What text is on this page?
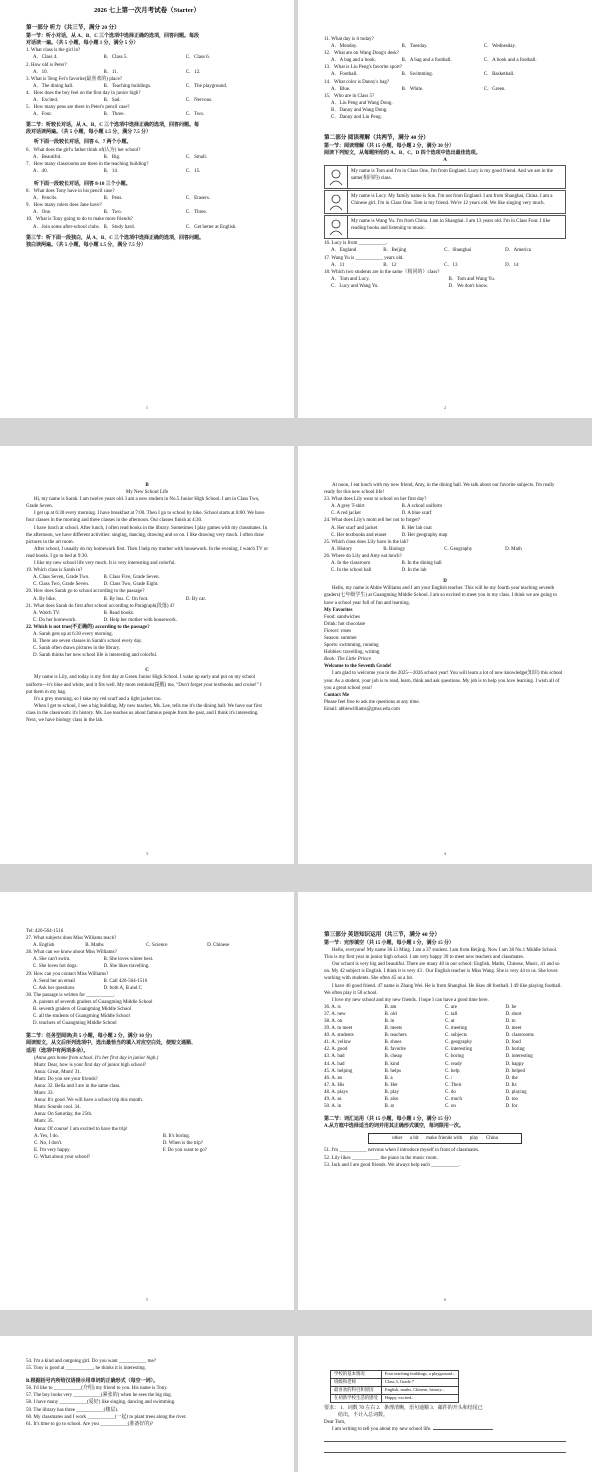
2026 七上第一次月考试卷（Starter）
第一部分 听力（共三节，满分 20 分）
第一节：听小对话，从 A、B、C 三个选项中选择正确的选项，回答问题。每段
对话读一遍。（共 5 小题，每小题 1 分，满分 5 分）
1. What class is the girl in?
A．Class 4.	B．Class 5.	C．Class 6.
2. How old is Peter?
A．10.	B．11.	C．12.
3. What is Teng Fei's favorite(最喜欢的) place?
A．The dining hall.	B．Teaching buildings.	C．The playground.
4．How does the boy feel on the first day in junior high?
A．Excited.	B．Sad.	C．Nervous.
5．How many pens are there in Peter's pencil case?
A．Four.	B．Three.	C．Two.
第二节：听较长对话，从 A、B、C 三个选项中选择正确的选项，回答问题。每
段对话读两遍。（共 5 小题，每小题 1.5 分，满分 7.5 分）
听下面一段较长对话，回答 6、7 两个小题。
6．What does the girl's father think of(认为) her school?
A．Beautiful.	B．Big.	C．Small.
7．How many classrooms are there in the teaching building?
A．40.	B．14.	C．15.
听下面一段较长对话，回答 8-10 三个小题。
8．What does Tony have in his pencil case?
A．Pencils.	B．Pens.	C．Erasers.
9．How many rulers does Jane have?
A．One.	B．Two.	C．Three.
10．What is Tony going to do to make more friends?
A．Join some after-school clubs. B．Study hard.	C．Get better at English.
第三节：听下面一段独白，从 A、B、C 三个选项中选择正确的选项，回答问题。
独白读两遍。（共 5 小题，每小题 1.5 分，满分 7.5 分）
1
11. What day is it today?
A．Monday.	B．Tuesday.	C．Wednesday.
12．What are on Wang Dong's desk?
A．A bag and a book.	B．A bag and a football.	C．A book and a football.
13．What is Liu Peng's favorite sport?
A．Football.	B．Swimming.	C．Basketball.
14．What color is Danny's bag?
A．Blue.	B．White.	C．Green.
15．Who are in Class 5?
A．Liu Peng and Wang Dong.
B．Danny and Wang Dong.
C．Danny and Liu Peng.
第二部分 阅读理解（共两节，满分 40 分）
第一节：阅读理解（共 15 小题，每小题 2 分，满分 30 分）
阅读下列短文，从每题所给的 A、B、C、D 四个选项中选出最佳选项。
A
My name is Tom and I'm in Class One. I'm from England. Lucy is my good friend. And we are in the same(相同的) class.
My name is Lucy. My family name is Sun. I'm not from England. I am from Shanghai, China. I am a Chinese girl. I'm in Class One. Tom is my friend. We're 12 years old. We like singing very much.
My name is Wang Yu. I'm from China. I am in Shanghai. I am 13 years old. I'm in Class Four. I like reading books and listening to music.
16. Lucy is from ___________.
A．England	B．Beijing	C．Shanghai	D．America
17. Wang Yu is ___________ years old.
A．11	B．12	C．13	D．14
18. Which two students are in the same（相同的）class?
A．Tom and Lucy.	B．Tom and Wang Yu.
C．Lucy and Wang Yu.	D．We don't know.
2
B
My New School Life
Hi, my name is Sarah. I am twelve years old. I am a new student in No.5 Junior High School. I am in Class Two, Grade Seven.
I get up at 6:30 every morning. I have breakfast at 7:00. Then I go to school by bike. School starts at 8:00. We have four classes in the morning and three classes in the afternoon. Our classes finish at 4:30.
I have lunch at school. After lunch, I often read books in the library. Sometimes I play games with my classmates. In the afternoon, we have different activities: singing, dancing, drawing and so on. I like drawing very much. I often draw pictures in the art room.
After school, I usually do my homework first. Then I help my mother with housework. In the evening, I watch TV or read books. I go to bed at 9:30.
I like my new school life very much. It is very interesting and colorful.
19. Which class is Sarah in?
A. Class Seven, Grade Two.	B. Class Five, Grade Seven.
C. Class Two, Grade Seven.	D. Class Two, Grade Eight.
20. How does Sarah go to school according to the passage?
A. By bike.	B. By bus. C. On foot.	D. By car.
21. What does Sarah do first after school according to Paragraph(段落) 4?
A. Watch TV.	B. Read books.
C. Do her homework.	D. Help her mother with housework.
22. Which is not true(不正确的) according to the passage?
A. Sarah gets up at 6:30 every morning.
B. There are seven classes in Sarah's school every day.
C. Sarah often draws pictures in the library.
D. Sarah thinks her new school life is interesting and colorful.
C
My name is Lily, and today is my first day at Green Junior High School. I wake up early and put on my school uniform—it's blue and white, and it fits well. My mom reminds(提醒) me, "Don't forget your textbooks and cruise!" I put them in my bag.
It's a grey morning, so I take my red scarf and a light jacket too.
When I get to school, I see a big building. My new teacher, Ms. Lee, tells me it's the dining hall. We have our first class in the classroom: it's history. Ms. Lee teaches us about famous people from the past, and I think it's interesting. Next, we have biology class in the lab.
3
At noon, I eat lunch with my new friend, Amy, in the dining hall. We talk about our favorite subjects. I'm really ready for this new school life!
23. What does Lily wear to school on her first day?
A. A grey T-shirt	B. A school uniform
C. A red jacket	D. A blue scarf
24. What does Lily's mom tell her not to forget?
A. Her scarf and jacket	B. Her lab coat
C. Her textbooks and eraser	D. Her geography map
25. Which class does Lily have in the lab?
A. History	B. Biology	C. Geography	D. Math
26. Where do Lily and Amy eat lunch?
A. In the classroom	B. In the dining hall
C. In the school hall	D. In the lab
D
Hello, my name is Abbie Williams and I am your English teacher. This will be my fourth year teaching seventh graders(七年级学生) at Guangming Middle School. I am so excited to meet you in my class. I think we are going to have a school year full of fun and learning.
My Favorites
Food: sandwiches
Drink: hot chocolate
Flower: roses
Season: summer
Sports: swimming, running
Hobbies: travelling, writing
Book: The Little Prince
Welcome to the Seventh Grade!
I am glad to welcome you to the 2025—2026 school year! You will learn a lot of new knowledge(知识) this school year. As a student, your job is to read, learn, think and ask questions. My job is to help you love learning. I wish all of you a great school year!
Contact Me
Please feel free to ask me questions at any time.
Email: abbiewilliams@gmss.edu.com
4
Tel: 420-564-1516
27. What subjects does Miss Williams teach?
A. English	B. Maths	C. Science	D. Chinese
28. What can we know about Miss Williams?
A. She can't swim.	B. She loves winter best.
C. She loves hot dogs.	D. She likes travelling.
29. How can you contact Miss Williams?
A. Send her an email	B. Call 420-564-1516
C. Ask her questions	D. both A, B and C
30. The passage is written for ___________.
A. parents of seventh graders of Guangming Middle School
B. seventh graders of Guangming Middle School
C. all the students of Guangming Middle School
D. teachers of Guangming Middle School
第二节：任务型阅读(共 5 小题，每小题 2 分，满分 10 分)
阅读短文，从文后所列选项中，选出最恰当的填入对应空白处，使短文通顺、
适用（选项中有两项多余）。
(Anna gets home from school. It's her first day in junior high.)
Mum: Dear, how is your first day of junior high school?
Anna: Great, Mum! 31.
Mum: Do you see your friends?
Anna: 32. Bella and I are in the same class.
Mum: 33.
Anna: It's good. We will have a school trip this month.
Mum: Sounds cool. 34.
Anna: On Saturday, the 25th.
Mum: 35.
Anna: Of course! I am excited to have the trip!
A. Yes, I do.	B. It's boring.
C. No, I don't.	D. When is the trip?
E. I'm very happy.	F. Do you want to go?
G. What about your school?
5
第三部分 英语知识运用（共三节，满分 40 分）
第一节：完形填空（共 15 小题，每小题 1 分，满分 15 分）
Hello, everyone! My name 36 Li Ming. I am a 37 student. I am from Beijing. Now I am 38 No.1 Middle School. This is my first year in junior high school. I am very happy 39 to meet new teachers and classmates.
Our school is very big and beautiful. There are many 40 in our school: English, Maths, Chinese, Music, 41 and so on. My 42 subject is English. I think it is very 43 . Our English teacher is Miss Wang. She is very 44 to us. She loves working with students. She often 45 us a lot.
I have 46 good friend. 47 name is Zhang Wei. He is from Shanghai. He likes 48 football. I 49 like playing football. We often play it 50 school.
I love my new school and my new friends. I hope I can have a good time here.
36. A. is	B. am	C. are	D. be
37. A. new	B. old	C. tall	D. short
38. A. on	B. in	C. at	D. to
39. A. to meet	B. meets	C. meeting	D. meet
40. A. students	B. teachers	C. subjects	D. classrooms
41. A. yellow	B. shoes	C. geography	D. food
42. A. good	B. favorite	C. interesting	D. boring
43. A. bad	B. cheap	C. boring	D. interesting
44. A. bad	B. kind	C. ready	D. happy
45. A. helping	B. helps	C. help	D. helped
46. A. an	B. a	C. /	D. the
47. A. His	B. Her	C. Their	D. Its
48. A. plays	B. play	C. do	D. playing
49. A. as	B. also	C. much	D. too
50. A. in	B. at	C. on	D. for
第二节：词汇运用（共 15 小题，每小题 1 分，满分 15 分）
A.从方框中选择适当的词并用其正确形式填空，每词限用一次。
other      a bit      make friends with      play      China
51. I'm ___________ nervous when I introduce myself in front of classmates.
52. Lily likes ___________ the piano in the music room.
53. Jack and I are good friends. We always help each ___________.
6
54. I'm a kind and outgoing girl. Do you want ___________ me?
55. Tony is good at ___________, he thinks it is interesting.
B.根据括号内所给汉语提示用单词的正确形式（每空一词）。
56. I'd like to ___________(介绍) my friend to you. His name is Tony.
57. The boy looks very ___________(紧张的) when he sees the big dog.
58. I have many ___________(爱好) like singing, dancing and swimming.
59. The library has three ___________(楼层).
60. My classmates and I work ___________(一起) to plant trees along the river.
61. It's time to go to school. Are you ___________(准备好的)?
学校的基本情况	Four teaching buildings, a playground...
班级和老师	Class 3, Grade 7
最喜欢的科目和原因	English, maths, Chinese, history...
在初新学校生活的感受	Happy, excited...
要求： 1．词数 70 左右 2．条理清晰，语句通顺 3．邮件的开头和结尾已
给出，不计入总词数。
Dear Tom,
I am writing to tell you about my new school life.
